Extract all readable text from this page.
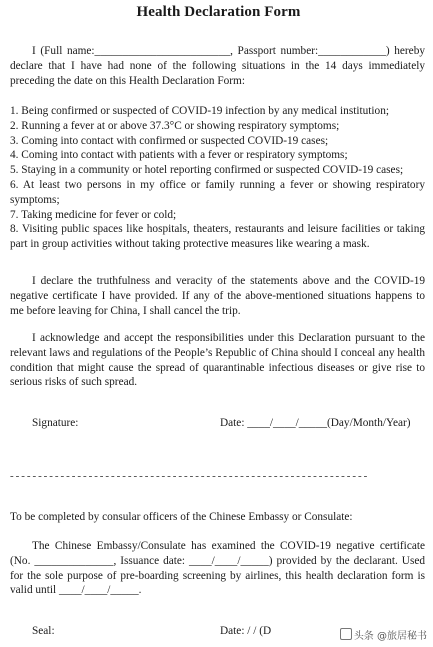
Health Declaration Form
I (Full name:________________________, Passport number:____________) hereby declare that I have had none of the following situations in the 14 days immediately preceding the date on this Health Declaration Form:

1. Being confirmed or suspected of COVID-19 infection by any medical institution;

2. Running a fever at or above 37.3°C or showing respiratory symptoms;

3. Coming into contact with confirmed or suspected COVID-19 cases;

4. Coming into contact with patients with a fever or respiratory symptoms;

5. Staying in a community or hotel reporting confirmed or suspected COVID-19 cases;

6. At least two persons in my office or family running a fever or showing respiratory symptoms;

7. Taking medicine for fever or cold;

8. Visiting public spaces like hospitals, theaters, restaurants and leisure facilities or taking part in group activities without taking protective measures like wearing a mask.

I declare the truthfulness and veracity of the statements above and the COVID-19 negative certificate I have provided. If any of the above-mentioned situations happens to me before leaving for China, I shall cancel the trip.
I acknowledge and accept the responsibilities under this Declaration pursuant to the relevant laws and regulations of the People’s Republic of China should I conceal any health condition that might cause the spread of quarantinable infectious diseases or give rise to serious risks of such spread.
Signature:	Date: ____/____/_____(Day/Month/Year)
- - - - - - - - - - - - - - - - - - - - - - - - - - - - - - - - - - - - - - - - - - - - - - - - - - - - - - - - - - - - - - - -
To be completed by consular officers of the Chinese Embassy or Consulate:
The Chinese Embassy/Consulate has examined the COVID-19 negative certificate (No. ______________, Issuance date: ____/____/_____) provided by the declarant. Used for the sole purpose of pre-boarding screening by airlines, this health declaration form is valid until ____/____/_____.
Seal:	Date: / / (D	头条 @旅居秘书
